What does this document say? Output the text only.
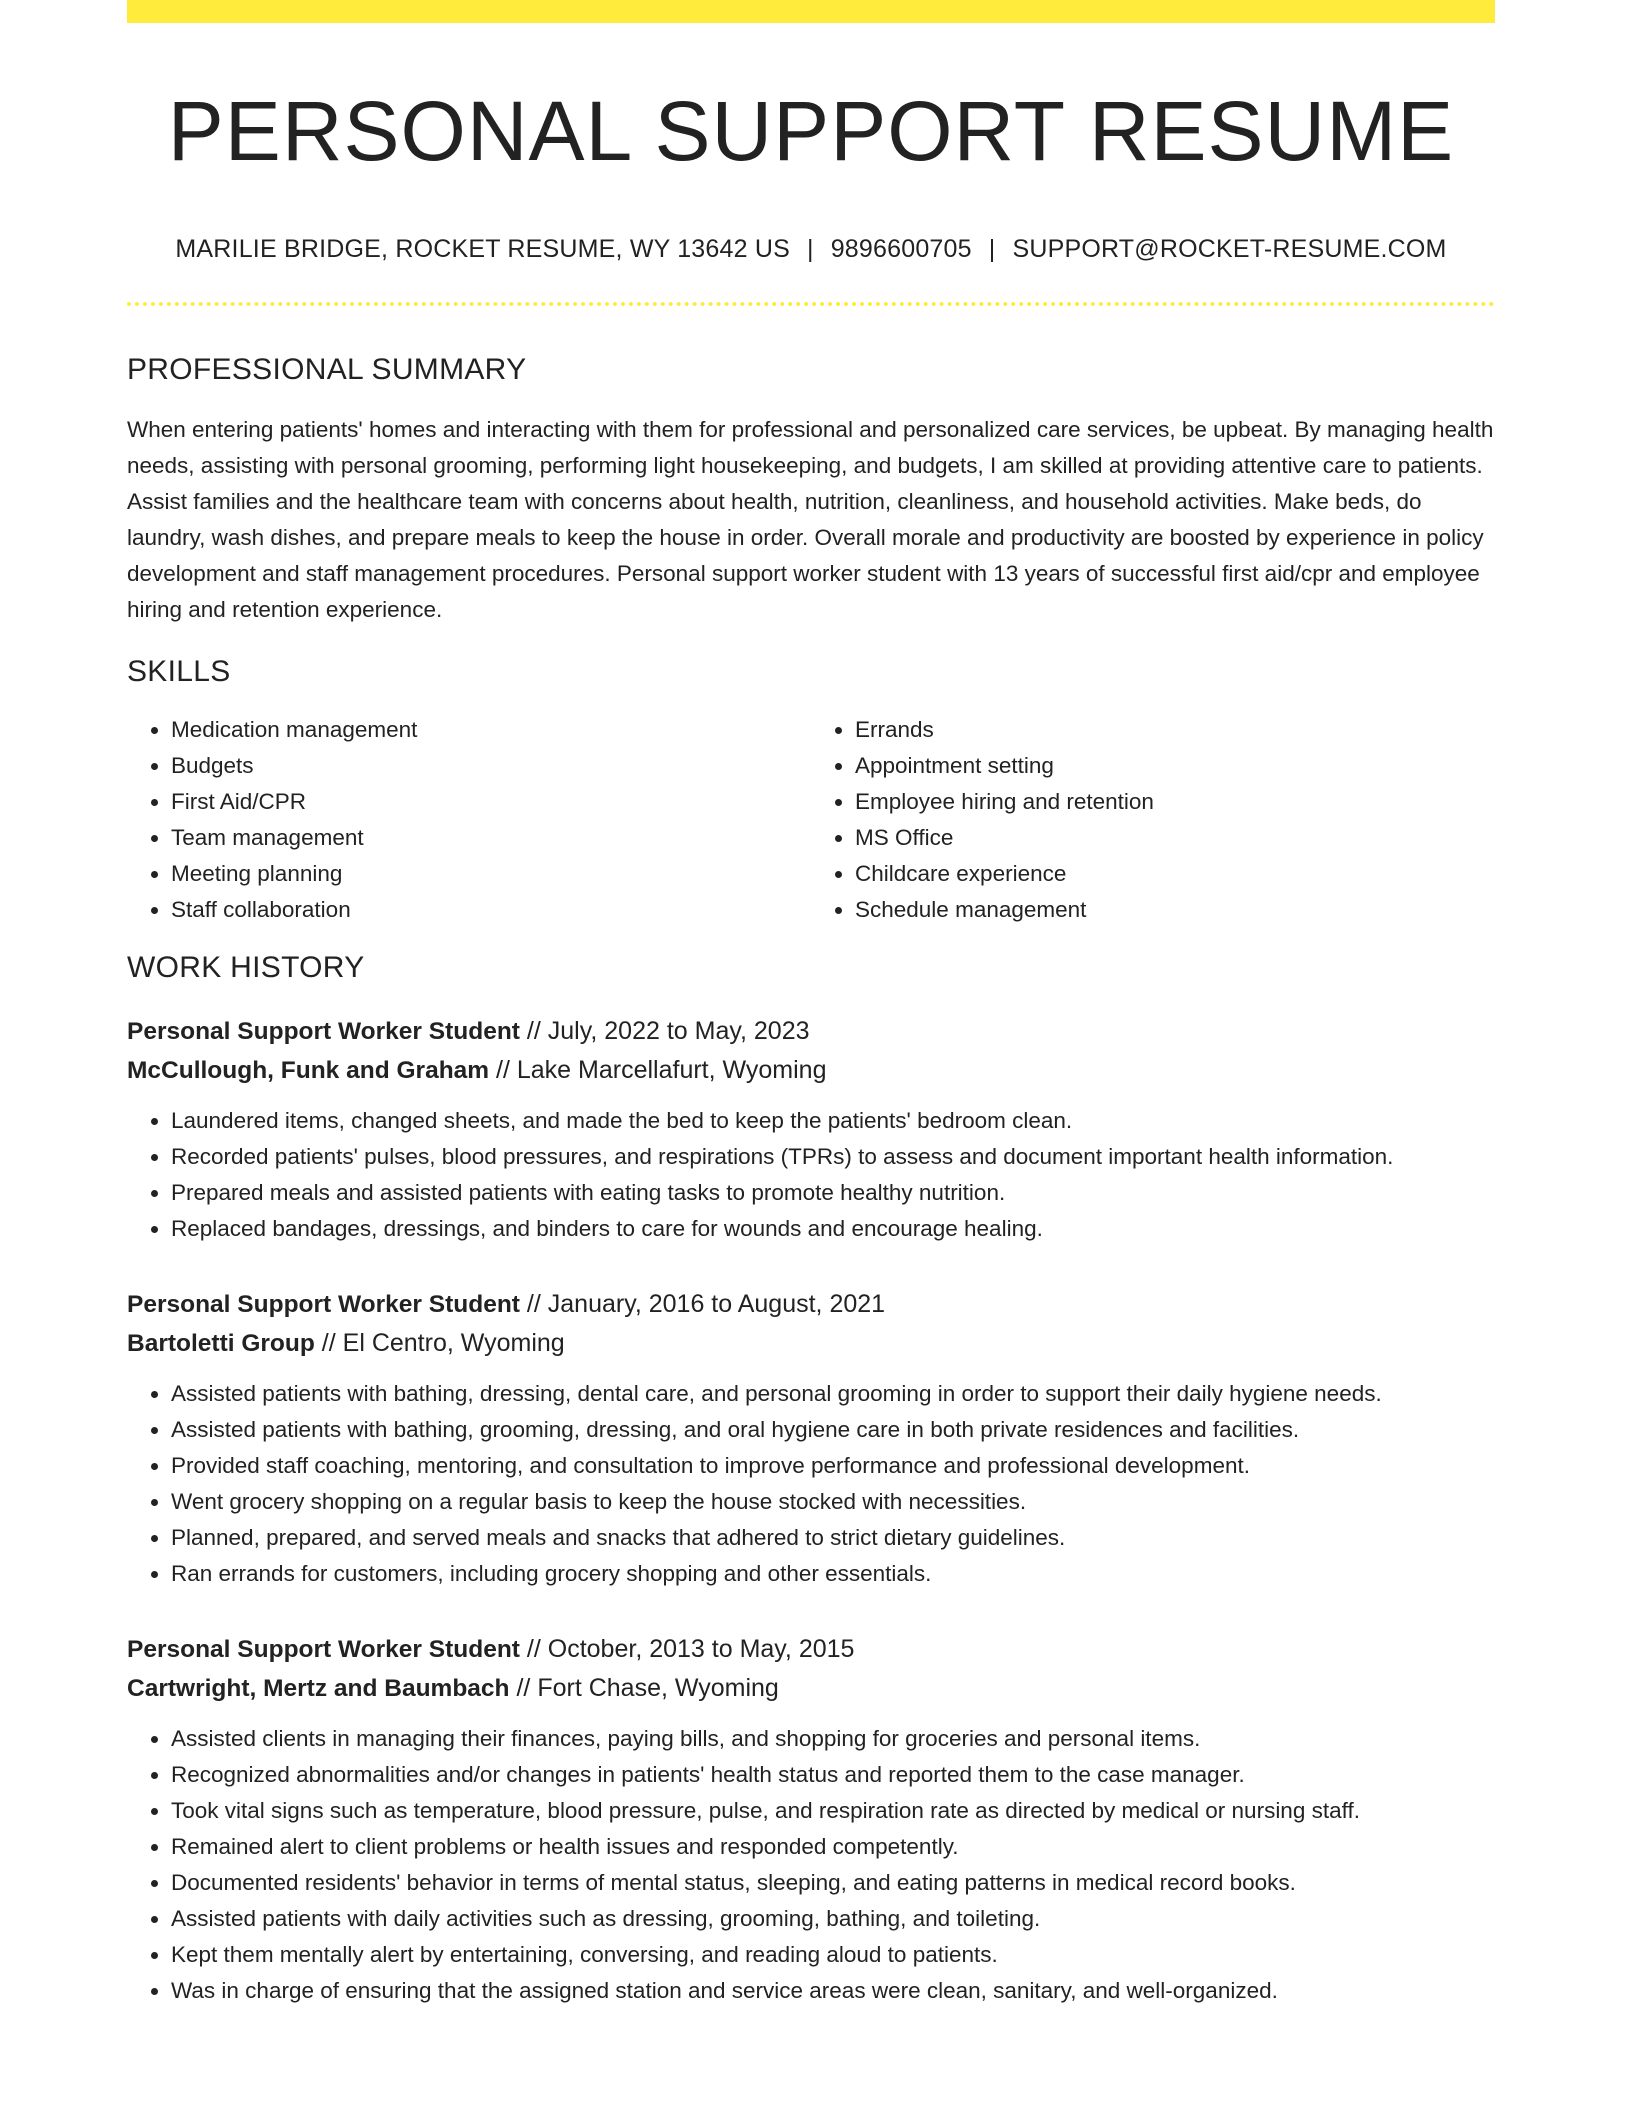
PERSONAL SUPPORT RESUME
MARILIE BRIDGE, ROCKET RESUME, WY 13642 US | 9896600705 | SUPPORT@ROCKET-RESUME.COM
PROFESSIONAL SUMMARY

When entering patients' homes and interacting with them for professional and personalized care services, be upbeat. By managing health needs, assisting with personal grooming, performing light housekeeping, and budgets, I am skilled at providing attentive care to patients. Assist families and the healthcare team with concerns about health, nutrition, cleanliness, and household activities. Make beds, do laundry, wash dishes, and prepare meals to keep the house in order. Overall morale and productivity are boosted by experience in policy development and staff management procedures. Personal support worker student with 13 years of successful first aid/cpr and employee hiring and retention experience.

SKILLS
• Medication management
• Budgets
• First Aid/CPR
• Team management
• Meeting planning
• Staff collaboration
• Errands
• Appointment setting
• Employee hiring and retention
• MS Office
• Childcare experience
• Schedule management
WORK HISTORY
Personal Support Worker Student // July, 2022 to May, 2023
McCullough, Funk and Graham // Lake Marcellafurt, Wyoming
• Laundered items, changed sheets, and made the bed to keep the patients' bedroom clean.
• Recorded patients' pulses, blood pressures, and respirations (TPRs) to assess and document important health information.
• Prepared meals and assisted patients with eating tasks to promote healthy nutrition.
• Replaced bandages, dressings, and binders to care for wounds and encourage healing.
Personal Support Worker Student // January, 2016 to August, 2021
Bartoletti Group // El Centro, Wyoming
• Assisted patients with bathing, dressing, dental care, and personal grooming in order to support their daily hygiene needs.
• Assisted patients with bathing, grooming, dressing, and oral hygiene care in both private residences and facilities.
• Provided staff coaching, mentoring, and consultation to improve performance and professional development.
• Went grocery shopping on a regular basis to keep the house stocked with necessities.
• Planned, prepared, and served meals and snacks that adhered to strict dietary guidelines.
• Ran errands for customers, including grocery shopping and other essentials.
Personal Support Worker Student // October, 2013 to May, 2015
Cartwright, Mertz and Baumbach // Fort Chase, Wyoming
• Assisted clients in managing their finances, paying bills, and shopping for groceries and personal items.
• Recognized abnormalities and/or changes in patients' health status and reported them to the case manager.
• Took vital signs such as temperature, blood pressure, pulse, and respiration rate as directed by medical or nursing staff.
• Remained alert to client problems or health issues and responded competently.
• Documented residents' behavior in terms of mental status, sleeping, and eating patterns in medical record books.
• Assisted patients with daily activities such as dressing, grooming, bathing, and toileting.
• Kept them mentally alert by entertaining, conversing, and reading aloud to patients.
• Was in charge of ensuring that the assigned station and service areas were clean, sanitary, and well-organized.
